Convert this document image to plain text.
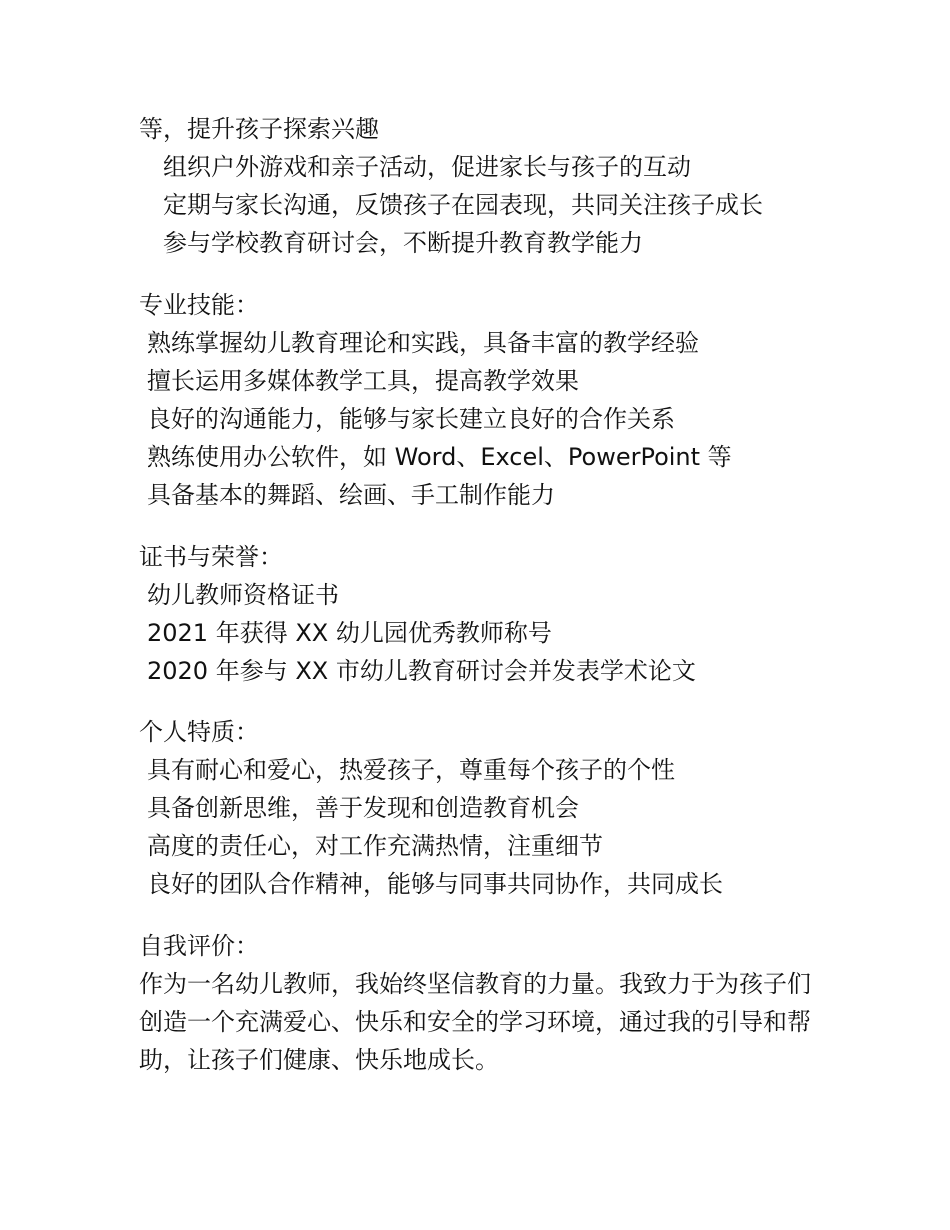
等，提升孩子探索兴趣

组织户外游戏和亲子活动，促进家长与孩子的互动

定期与家长沟通，反馈孩子在园表现，共同关注孩子成长

参与学校教育研讨会，不断提升教育教学能力

专业技能：

熟练掌握幼儿教育理论和实践，具备丰富的教学经验

擅长运用多媒体教学工具，提高教学效果

良好的沟通能力，能够与家长建立良好的合作关系

熟练使用办公软件，如 Word、Excel、PowerPoint 等

具备基本的舞蹈、绘画、手工制作能力

证书与荣誉：

幼儿教师资格证书

2021 年获得 XX 幼儿园优秀教师称号

2020 年参与 XX 市幼儿教育研讨会并发表学术论文

个人特质：

具有耐心和爱心，热爱孩子，尊重每个孩子的个性

具备创新思维，善于发现和创造教育机会

高度的责任心，对工作充满热情，注重细节

良好的团队合作精神，能够与同事共同协作，共同成长

自我评价：

作为一名幼儿教师，我始终坚信教育的力量。我致力于为孩子们创造一个充满爱心、快乐和安全的学习环境，通过我的引导和帮助，让孩子们健康、快乐地成长。
